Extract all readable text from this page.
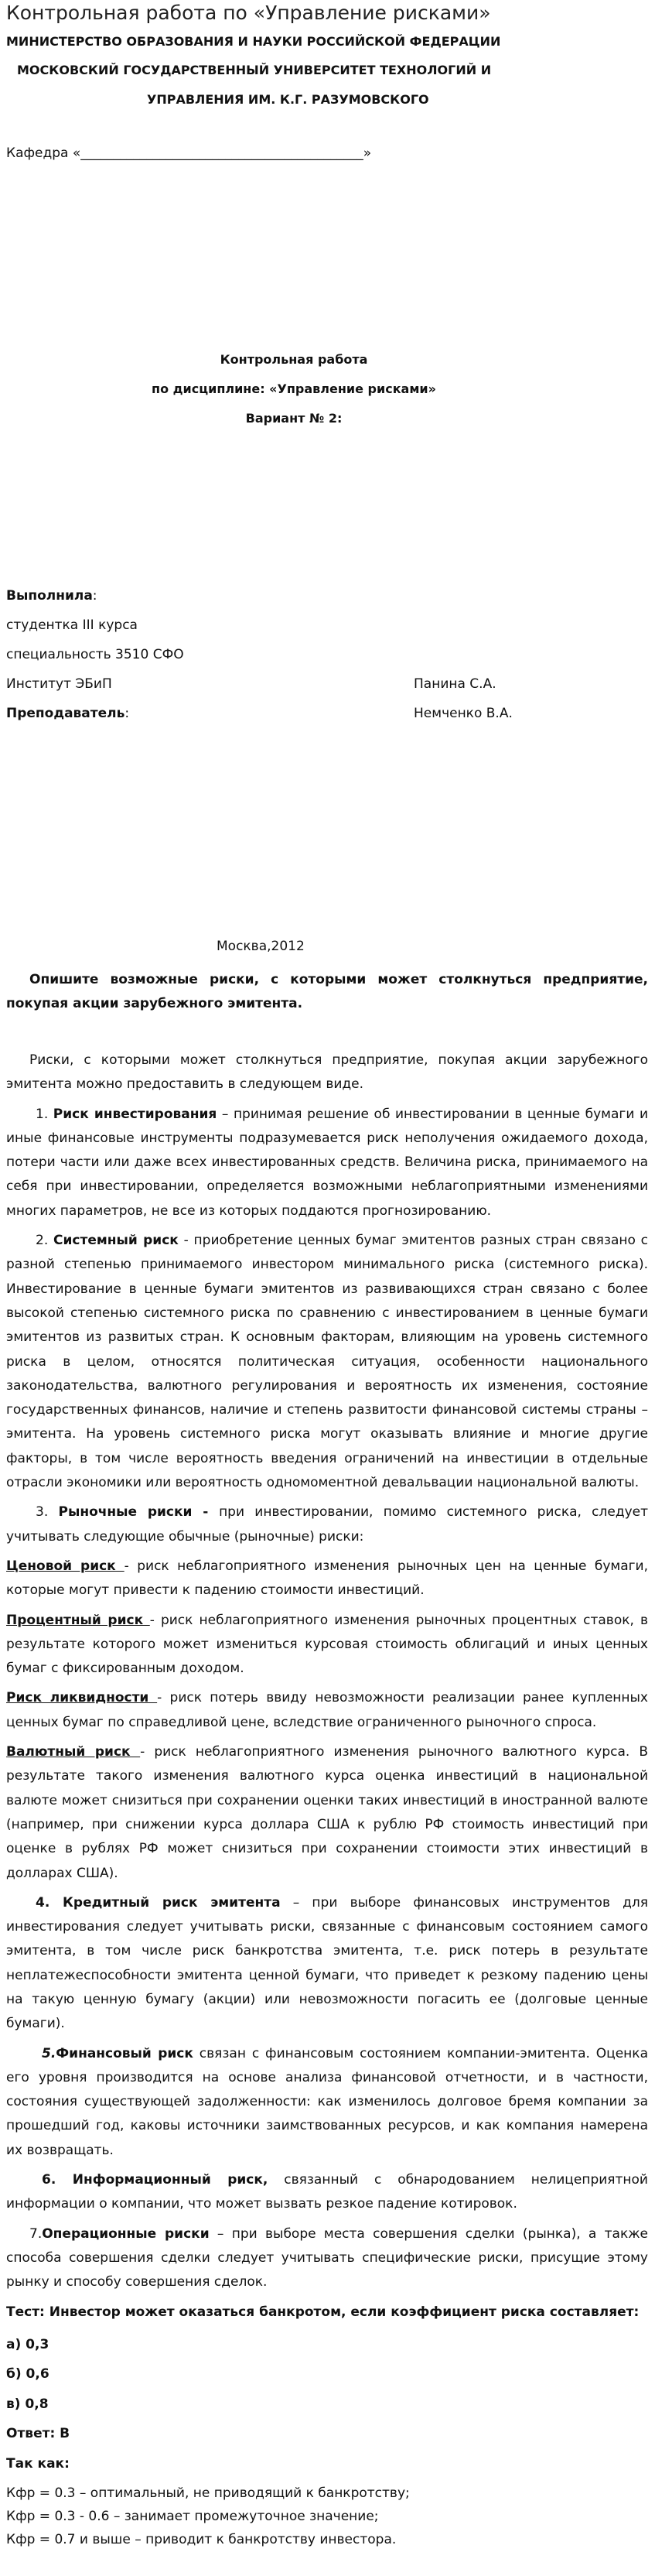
Контрольная работа по «Управление рисками»
МИНИСТЕРСТВО ОБРАЗОВАНИЯ И НАУКИ РОССИЙСКОЙ ФЕДЕРАЦИИ
МОСКОВСКИЙ ГОСУДАРСТВЕННЫЙ УНИВЕРСИТЕТ ТЕХНОЛОГИЙ И
УПРАВЛЕНИЯ ИМ. К.Г. РАЗУМОВСКОГО
Кафедра «___________________________________________»
Контрольная работа
по дисциплине: «Управление рисками»
Вариант № 2:
Выполнила:
студентка III курса
специальность 3510 СФО
Институт ЭБиП	Панина С.А.
Преподаватель:	Немченко В.А.
Москва,2012

Опишите возможные риски, с которыми может столкнуться предприятие, покупая акции зарубежного эмитента.

Риски, с которыми может столкнуться предприятие, покупая акции зарубежного эмитента можно предоставить в следующем виде.

1. Риск инвестирования – принимая решение об инвестировании в ценные бумаги и иные финансовые инструменты подразумевается риск неполучения ожидаемого дохода, потери части или даже всех инвестированных средств. Величина риска, принимаемого на себя при инвестировании, определяется возможными неблагоприятными изменениями многих параметров, не все из которых поддаются прогнозированию.

2. Системный риск - приобретение ценных бумаг эмитентов разных стран связано с разной степенью принимаемого инвестором минимального риска (системного риска). Инвестирование в ценные бумаги эмитентов из развивающихся стран связано с более высокой степенью системного риска по сравнению с инвестированием в ценные бумаги эмитентов из развитых стран. К основным факторам, влияющим на уровень системного риска в целом, относятся политическая ситуация, особенности национального законодательства, валютного регулирования и вероятность их изменения, состояние государственных финансов, наличие и степень развитости финансовой системы страны – эмитента. На уровень системного риска могут оказывать влияние и многие другие факторы, в том числе вероятность введения ограничений на инвестиции в отдельные отрасли экономики или вероятность одномоментной девальвации национальной валюты.

3. Рыночные риски - при инвестировании, помимо системного риска, следует учитывать следующие обычные (рыночные) риски:

Ценовой риск - риск неблагоприятного изменения рыночных цен на ценные бумаги, которые могут привести к падению стоимости инвестиций.

Процентный риск - риск неблагоприятного изменения рыночных процентных ставок, в результате которого может измениться курсовая стоимость облигаций и иных ценных бумаг с фиксированным доходом.

Риск ликвидности - риск потерь ввиду невозможности реализации ранее купленных ценных бумаг по справедливой цене, вследствие ограниченного рыночного спроса.

Валютный риск - риск неблагоприятного изменения рыночного валютного курса. В результате такого изменения валютного курса оценка инвестиций в национальной валюте может снизиться при сохранении оценки таких инвестиций в иностранной валюте (например, при снижении курса доллара США к рублю РФ стоимость инвестиций при оценке в рублях РФ может снизиться при сохранении стоимости этих инвестиций в долларах США).

4. Кредитный риск эмитента – при выборе финансовых инструментов для инвестирования следует учитывать риски, связанные с финансовым состоянием самого эмитента, в том числе риск банкротства эмитента, т.е. риск потерь в результате неплатежеспособности эмитента ценной бумаги, что приведет к резкому падению цены на такую ценную бумагу (акции) или невозможности погасить ее (долговые ценные бумаги).

5.Финансовый риск связан с финансовым состоянием компании-эмитента. Оценка его уровня производится на основе анализа финансовой отчетности, и в частности, состояния существующей задолженности: как изменилось долговое бремя компании за прошедший год, каковы источники заимствованных ресурсов, и как компания намерена их возвращать.

6. Информационный риск, связанный с обнародованием нелицеприятной информации о компании, что может вызвать резкое падение котировок.

7.Операционные риски – при выборе места совершения сделки (рынка), а также способа совершения сделки следует учитывать специфические риски, присущие этому рынку и способу совершения сделок.

Тест: Инвестор может оказаться банкротом, если коэффициент риска составляет:

а) 0,3
б) 0,6
в) 0,8
Ответ: В
Так как:
Кфр = 0.3 – оптимальный, не приводящий к банкротству;
Кфр = 0.3 - 0.6 – занимает промежуточное значение;
Кфр = 0.7 и выше – приводит к банкротству инвестора.
